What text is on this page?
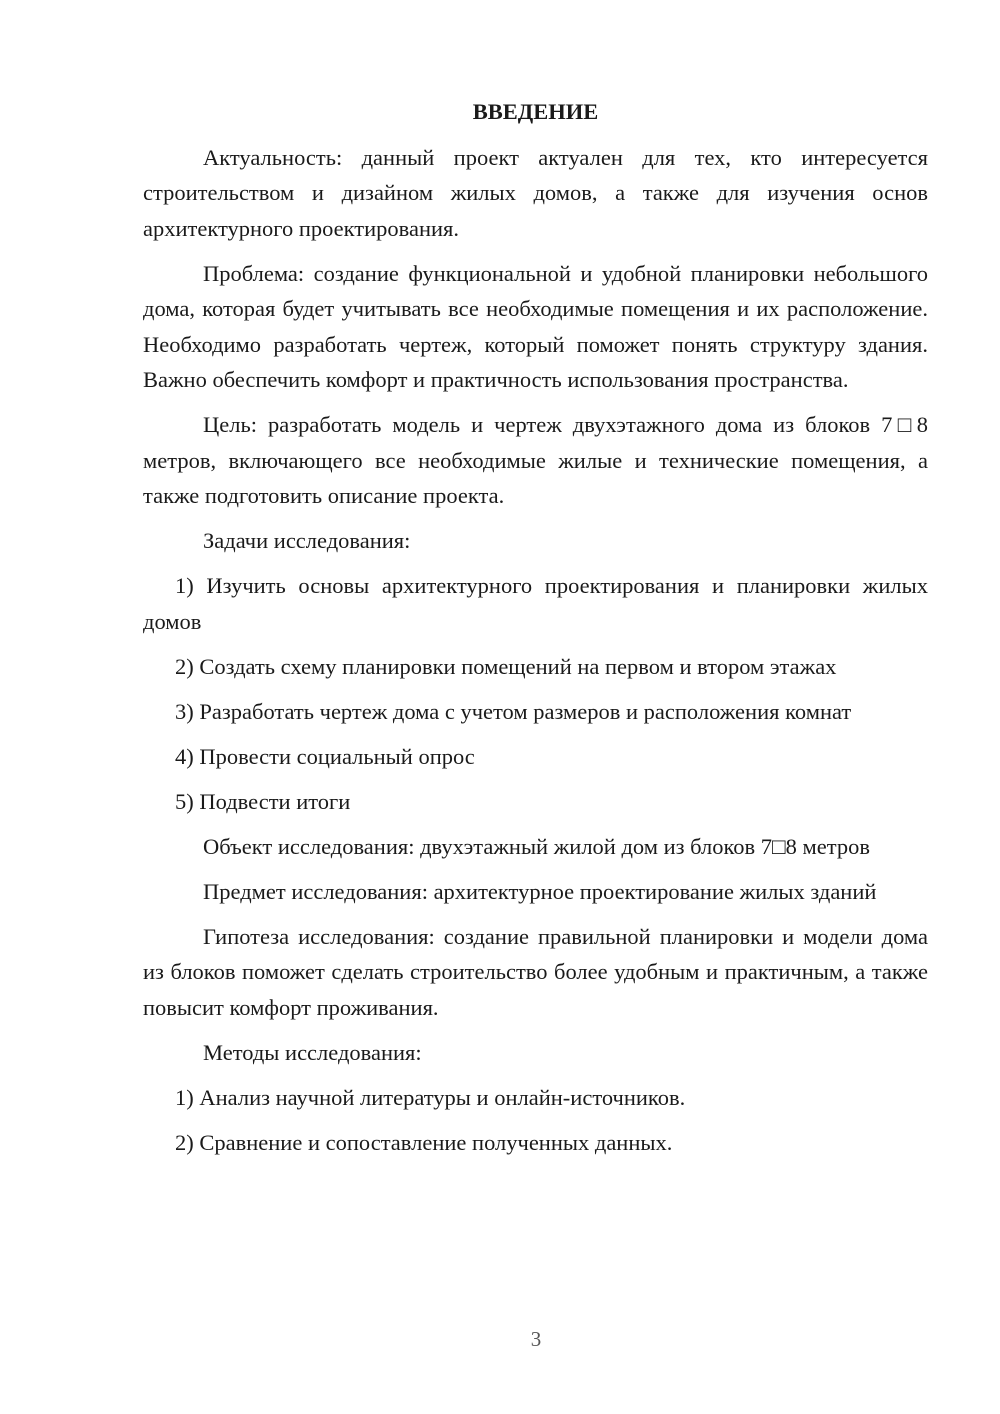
ВВЕДЕНИЕ

Актуальность: данный проект актуален для тех, кто интересуется строительством и дизайном жилых домов, а также для изучения основ архитектурного проектирования.

Проблема: создание функциональной и удобной планировки небольшого дома, которая будет учитывать все необходимые помещения и их расположение. Необходимо разработать чертеж, который поможет понять структуру здания. Важно обеспечить комфорт и практичность использования пространства.

Цель: разработать модель и чертеж двухэтажного дома из блоков 7□8 метров, включающего все необходимые жилые и технические помещения, а также подготовить описание проекта.

Задачи исследования:

1) Изучить основы архитектурного проектирования и планировки жилых домов

2) Создать схему планировки помещений на первом и втором этажах

3) Разработать чертеж дома с учетом размеров и расположения комнат

4) Провести социальный опрос

5) Подвести итоги

Объект исследования: двухэтажный жилой дом из блоков 7□8 метров

Предмет исследования: архитектурное проектирование жилых зданий

Гипотеза исследования: создание правильной планировки и модели дома из блоков поможет сделать строительство более удобным и практичным, а также повысит комфорт проживания.

Методы исследования:

1) Анализ научной литературы и онлайн-источников.

2) Сравнение и сопоставление полученных данных.

3
